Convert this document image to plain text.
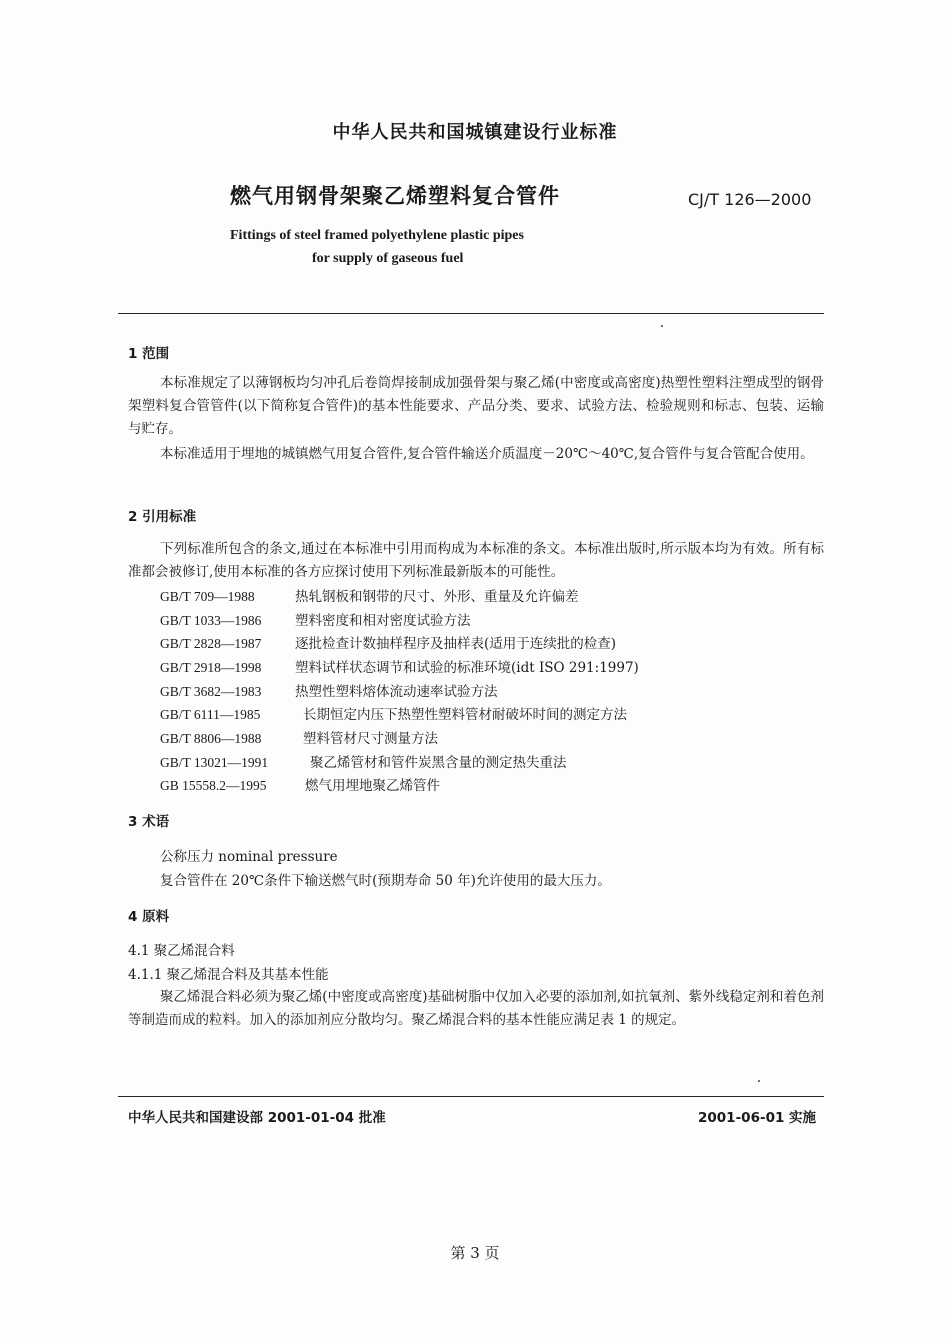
中华人民共和国城镇建设行业标准
燃气用钢骨架聚乙烯塑料复合管件	CJ/T 126—2000
Fittings of steel framed polyethylene plastic pipes
for supply of gaseous fuel
1 范围
本标准规定了以薄钢板均匀冲孔后卷筒焊接制成加强骨架与聚乙烯(中密度或高密度)热塑性塑料注塑成型的钢骨架塑料复合管管件(以下简称复合管件)的基本性能要求、产品分类、要求、试验方法、检验规则和标志、包装、运输与贮存。
本标准适用于埋地的城镇燃气用复合管件,复合管件输送介质温度－20℃～40℃,复合管件与复合管配合使用。
2 引用标准
下列标准所包含的条文,通过在本标准中引用而构成为本标准的条文。本标准出版时,所示版本均为有效。所有标准都会被修订,使用本标准的各方应探讨使用下列标准最新版本的可能性。
GB/T 709—1988	热轧钢板和钢带的尺寸、外形、重量及允许偏差
GB/T 1033—1986 塑料密度和相对密度试验方法
GB/T 2828—1987 逐批检查计数抽样程序及抽样表(适用于连续批的检查)
GB/T 2918—1998 塑料试样状态调节和试验的标准环境(idt ISO 291:1997)
GB/T 3682—1983 热塑性塑料熔体流动速率试验方法
GB/T 6111—1985	长期恒定内压下热塑性塑料管材耐破坏时间的测定方法
GB/T 8806—1988	塑料管材尺寸测量方法
GB/T 13021—1991	聚乙烯管材和管件炭黑含量的测定热失重法
GB 15558.2—1995	燃气用埋地聚乙烯管件
3 术语
公称压力 nominal pressure
复合管件在 20℃条件下输送燃气时(预期寿命 50 年)允许使用的最大压力。
4 原料
4.1 聚乙烯混合料
4.1.1 聚乙烯混合料及其基本性能
聚乙烯混合料必须为聚乙烯(中密度或高密度)基础树脂中仅加入必要的添加剂,如抗氧剂、紫外线稳定剂和着色剂等制造而成的粒料。加入的添加剂应分散均匀。聚乙烯混合料的基本性能应满足表 1 的规定。
中华人民共和国建设部 2001-01-04 批准	2001-06-01 实施
第 3 页
